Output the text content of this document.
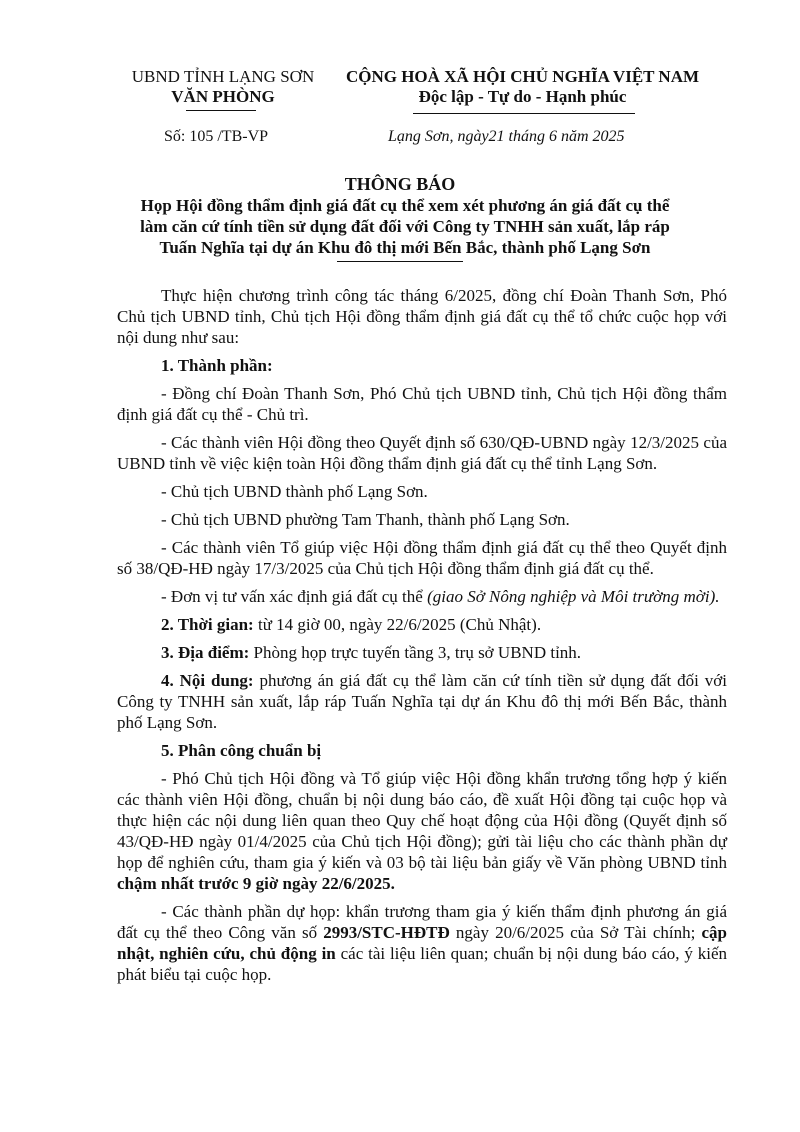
UBND TỈNH LẠNG SƠN
VĂN PHÒNG
CỘNG HOÀ XÃ HỘI CHỦ NGHĨA VIỆT NAM
Độc lập - Tự do - Hạnh phúc
Số: 105 /TB-VP	Lạng Sơn, ngày21 tháng 6 năm 2025
THÔNG BÁO
Họp Hội đồng thẩm định giá đất cụ thể xem xét phương án giá đất cụ thể
làm căn cứ tính tiền sử dụng đất đối với Công ty TNHH sản xuất, lắp ráp
Tuấn Nghĩa tại dự án Khu đô thị mới Bến Bắc, thành phố Lạng Sơn

Thực hiện chương trình công tác tháng 6/2025, đồng chí Đoàn Thanh Sơn, Phó Chủ tịch UBND tỉnh, Chủ tịch Hội đồng thẩm định giá đất cụ thể tổ chức cuộc họp với nội dung như sau:

1. Thành phần:

- Đồng chí Đoàn Thanh Sơn, Phó Chủ tịch UBND tỉnh, Chủ tịch Hội đồng thẩm định giá đất cụ thể - Chủ trì.

- Các thành viên Hội đồng theo Quyết định số 630/QĐ-UBND ngày 12/3/2025 của UBND tỉnh về việc kiện toàn Hội đồng thẩm định giá đất cụ thể tỉnh Lạng Sơn.

- Chủ tịch UBND thành phố Lạng Sơn.

- Chủ tịch UBND phường Tam Thanh, thành phố Lạng Sơn.

- Các thành viên Tổ giúp việc Hội đồng thẩm định giá đất cụ thể theo Quyết định số 38/QĐ-HĐ ngày 17/3/2025 của Chủ tịch Hội đồng thẩm định giá đất cụ thể.

- Đơn vị tư vấn xác định giá đất cụ thể (giao Sở Nông nghiệp và Môi trường mời).

2. Thời gian: từ 14 giờ 00, ngày 22/6/2025 (Chủ Nhật).

3. Địa điểm: Phòng họp trực tuyến tầng 3, trụ sở UBND tỉnh.

4. Nội dung: phương án giá đất cụ thể làm căn cứ tính tiền sử dụng đất đối với Công ty TNHH sản xuất, lắp ráp Tuấn Nghĩa tại dự án Khu đô thị mới Bến Bắc, thành phố Lạng Sơn.

5. Phân công chuẩn bị

- Phó Chủ tịch Hội đồng và Tổ giúp việc Hội đồng khẩn trương tổng hợp ý kiến các thành viên Hội đồng, chuẩn bị nội dung báo cáo, đề xuất Hội đồng tại cuộc họp và thực hiện các nội dung liên quan theo Quy chế hoạt động của Hội đồng (Quyết định số 43/QĐ-HĐ ngày 01/4/2025 của Chủ tịch Hội đồng); gửi tài liệu cho các thành phần dự họp để nghiên cứu, tham gia ý kiến và 03 bộ tài liệu bản giấy về Văn phòng UBND tỉnh chậm nhất trước 9 giờ ngày 22/6/2025.

- Các thành phần dự họp: khẩn trương tham gia ý kiến thẩm định phương án giá đất cụ thể theo Công văn số 2993/STC-HĐTĐ ngày 20/6/2025 của Sở Tài chính; cập nhật, nghiên cứu, chủ động in các tài liệu liên quan; chuẩn bị nội dung báo cáo, ý kiến phát biểu tại cuộc họp.
